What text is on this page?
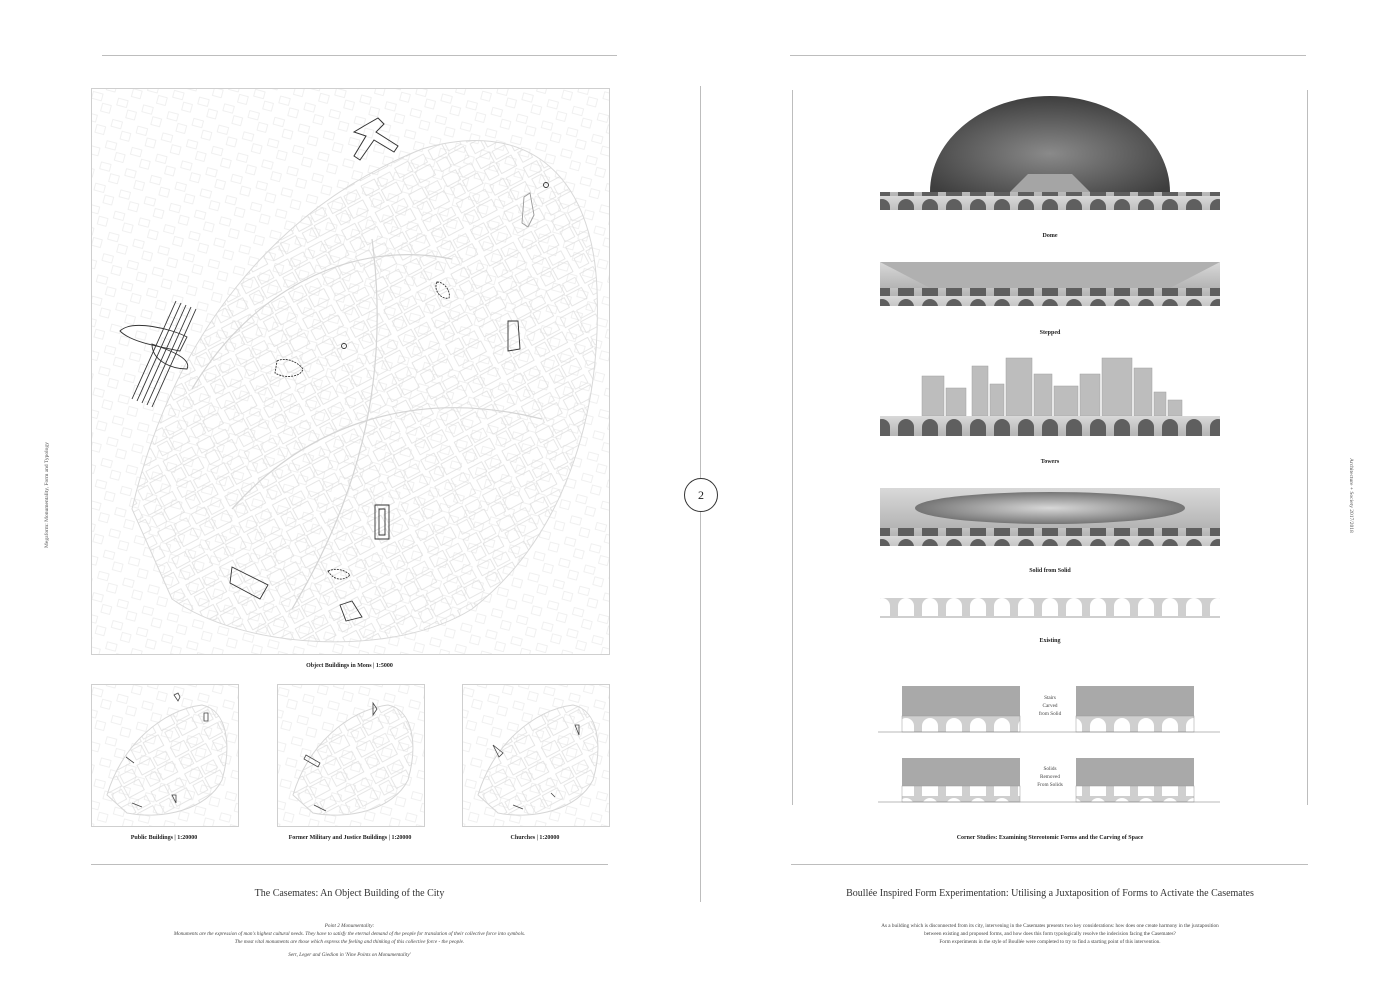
Megaform: Monumentality, Form and Typology
Object Buildings in Mons | 1:5000
Public Buildings | 1:20000	Former Military and Justice Buildings | 1:20000	Churches | 1:20000
The Casemates: An Object Building of the City
Point 2 Monumentality:
Monuments are the expression of man's highest cultural needs. They have to satisfy the eternal demand of the people for translation of their collective force into symbols.
The most vital monuments are those which express the feeling and thinking of this collective force - the people.
Sert, Leger and Giedion in 'Nine Points on Monumentality'
2	Architecture + Society 2017/2018
Dome
Stepped
Towers
Solid from Solid
Existing
Stairs Carved from Solid
Solids Removed From Solids
Corner Studies: Examining Stereotomic Forms and the Carving of Space
Boullée Inspired Form Experimentation: Utilising a Juxtaposition of Forms to Activate the Casemates
As a building which is disconnected from its city, intervening in the Casemates presents two key considerations: how does one create harmony in the juxtaposition
between existing and proposed forms, and how does this form typologically resolve the indecision facing the Casemates?
Form experiments in the style of Boullée were completed to try to find a starting point of this intervention.
